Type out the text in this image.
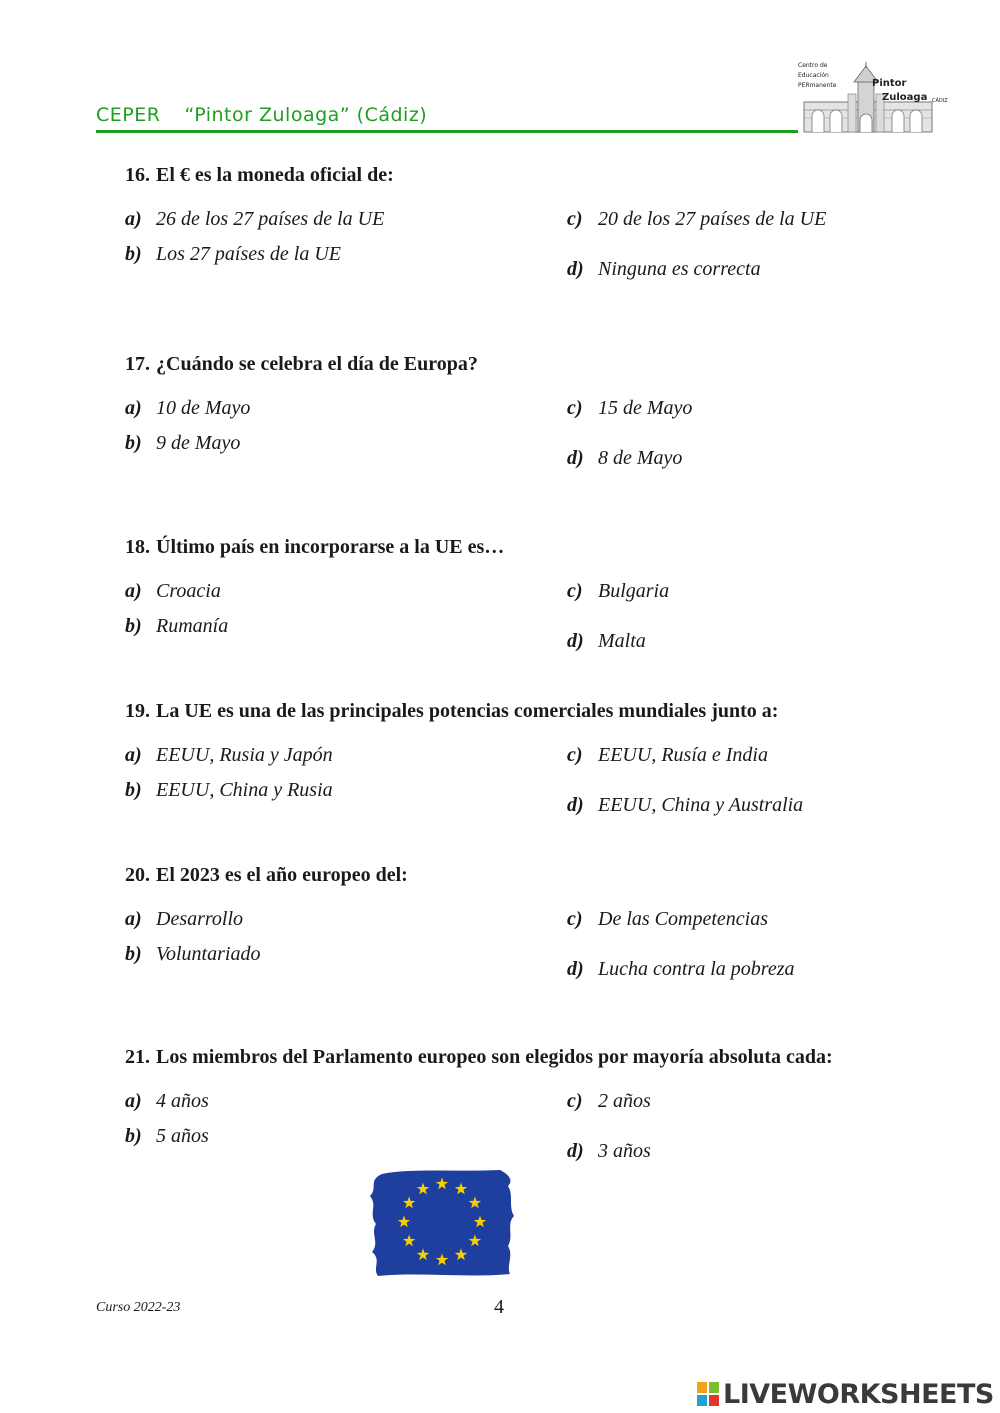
CEPER “Pintor Zuloaga” (Cádiz)
Centro de
Educación
PERmanente	Pintor
Zuloaga CÁDIZ
16. El € es la moneda oficial de:
a) 26 de los 27 países de la UE
b) Los 27 países de la UE
c) 20 de los 27 países de la UE
d) Ninguna es correcta
17. ¿Cuándo se celebra el día de Europa?
a) 10 de Mayo
b) 9 de Mayo
c) 15 de Mayo
d) 8 de Mayo
18. Último país en incorporarse a la UE es…
a) Croacia
b) Rumanía
c) Bulgaria
d) Malta
19. La UE es una de las principales potencias comerciales mundiales junto a:
a) EEUU, Rusia y Japón
b) EEUU, China y Rusia
c) EEUU, Rusía e India
d) EEUU, China y Australia
20. El 2023 es el año europeo del:
a) Desarrollo
b) Voluntariado
c) De las Competencias
d) Lucha contra la pobreza
21. Los miembros del Parlamento europeo son elegidos por mayoría absoluta cada:
a) 4 años
b) 5 años
c) 2 años
d) 3 años
Curso 2022-23	4
LIVEWORKSHEETS
